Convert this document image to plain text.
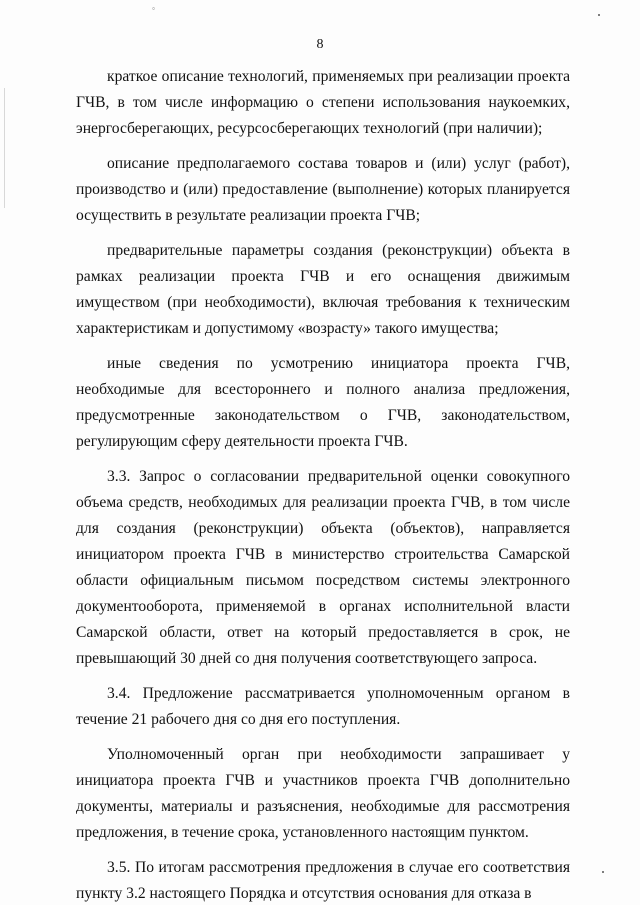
ﾟ
8

краткое описание технологий, применяемых при реализации проекта ГЧВ, в том числе информацию о степени использования наукоемких, энергосберегающих, ресурсосберегающих технологий (при наличии);

описание предполагаемого состава товаров и (или) услуг (работ), производство и (или) предоставление (выполнение) которых планируется осуществить в результате реализации проекта ГЧВ;

предварительные параметры создания (реконструкции) объекта в рамках реализации проекта ГЧВ и его оснащения движимым имуществом (при необходимости), включая требования к техническим характеристикам и допустимому «возрасту» такого имущества;

иные сведения по усмотрению инициатора проекта ГЧВ, необходимые для всестороннего и полного анализа предложения, предусмотренные законодательством о ГЧВ, законодательством, регулирующим сферу деятельности проекта ГЧВ.

3.3. Запрос о согласовании предварительной оценки совокупного объема средств, необходимых для реализации проекта ГЧВ, в том числе для создания (реконструкции) объекта (объектов), направляется инициатором проекта ГЧВ в министерство строительства Самарской области официальным письмом посредством системы электронного документооборота, применяемой в органах исполнительной власти Самарской области, ответ на который предоставляется в срок, не превышающий 30 дней со дня получения соответствующего запроса.

3.4. Предложение рассматривается уполномоченным органом в течение 21 рабочего дня со дня его поступления.

Уполномоченный орган при необходимости запрашивает у инициатора проекта ГЧВ и участников проекта ГЧВ дополнительно документы, материалы и разъяснения, необходимые для рассмотрения предложения, в течение срока, установленного настоящим пунктом.

3.5. По итогам рассмотрения предложения в случае его соответствия пункту 3.2 настоящего Порядка и отсутствия основания для отказа в
